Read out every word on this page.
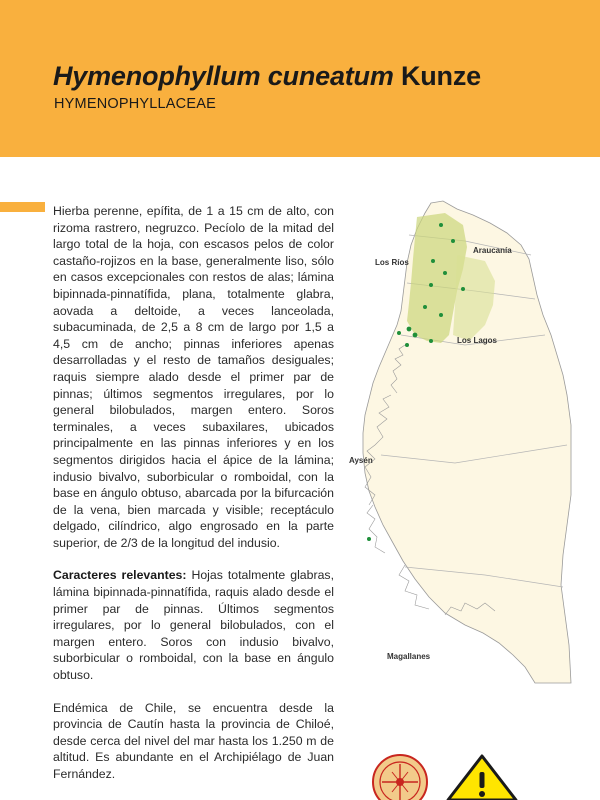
Hymenophyllum cuneatum Kunze
HYMENOPHYLLACEAE

Hierba perenne, epífita, de 1 a 15 cm de alto, con rizoma rastrero, negruzco. Pecíolo de la mitad del largo total de la hoja, con escasos pelos de color castaño-rojizos en la base, generalmente liso, sólo en casos excepcionales con restos de alas; lámina bipinnada-pinnatífida, plana, totalmente glabra, aovada a deltoide, a veces lanceolada, subacuminada, de 2,5 a 8 cm de largo por 1,5 a 4,5 cm de ancho; pinnas inferiores apenas desarrolladas y el resto de tamaños desiguales; raquis siempre alado desde el primer par de pinnas; últimos segmentos irregulares, por lo general bilobulados, margen entero. Soros terminales, a veces subaxilares, ubicados principalmente en las pinnas inferiores y en los segmentos dirigidos hacia el ápice de la lámina; indusio bivalvo, suborbicular o romboidal, con la base en ángulo obtuso, abarcada por la bifurcación de la vena, bien marcada y visible; receptáculo delgado, cilíndrico, algo engrosado en la parte superior, de 2/3 de la longitud del indusio.

Caracteres relevantes: Hojas totalmente glabras, lámina bipinnada-pinnatífida, raquis alado desde el primer par de pinnas. Últimos segmentos irregulares, por lo general bilobulados, con el margen entero. Soros con indusio bivalvo, suborbicular o romboidal, con la base en ángulo obtuso.

Endémica de Chile, se encuentra desde la provincia de Cautín hasta la provincia de Chiloé, desde cerca del nivel del mar hasta los 1.250 m de altitud. Es abundante en el Archipiélago de Juan Fernández.

Araucanía
Los Ríos
Los Lagos
Aysén
Magallanes
